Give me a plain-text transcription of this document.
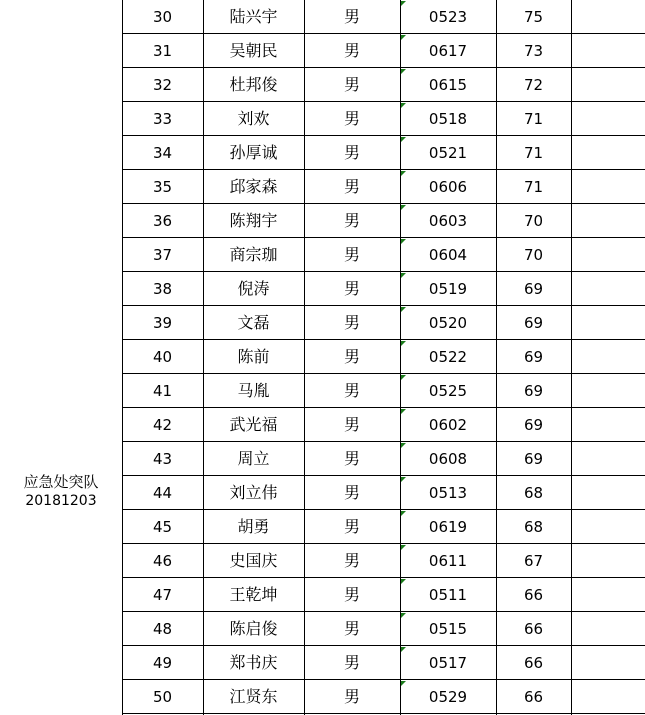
应急处突队
20181203
30	陆兴宇	男	0523	75
31	吴朝民	男	0617	73
32	杜邦俊	男	0615	72
33	刘欢	男	0518	71
34	孙厚诚	男	0521	71
35	邱家森	男	0606	71
36	陈翔宇	男	0603	70
37	商宗珈	男	0604	70
38	倪涛	男	0519	69
39	文磊	男	0520	69
40	陈前	男	0522	69
41	马胤	男	0525	69
42	武光福	男	0602	69
43	周立	男	0608	69
44	刘立伟	男	0513	68
45	胡勇	男	0619	68
46	史国庆	男	0611	67
47	王乾坤	男	0511	66
48	陈启俊	男	0515	66
49	郑书庆	男	0517	66
50	江贤东	男	0529	66
